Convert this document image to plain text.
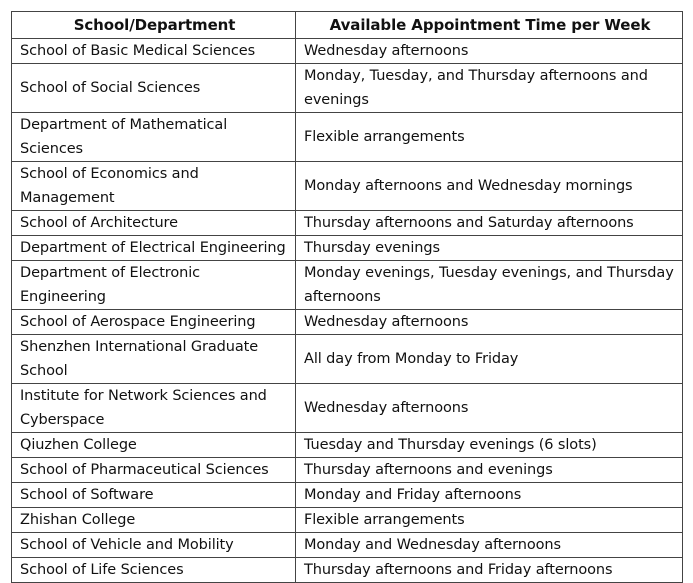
School/Department	Available Appointment Time per Week
School of Basic Medical Sciences	Wednesday afternoons
School of Social Sciences	Monday, Tuesday, and Thursday afternoons and evenings
Department of Mathematical Sciences	Flexible arrangements
School of Economics and Management	Monday afternoons and Wednesday mornings
School of Architecture	Thursday afternoons and Saturday afternoons
Department of Electrical Engineering	Thursday evenings
Department of Electronic Engineering	Monday evenings, Tuesday evenings, and Thursday afternoons
School of Aerospace Engineering	Wednesday afternoons
Shenzhen International Graduate School	All day from Monday to Friday
Institute for Network Sciences and Cyberspace	Wednesday afternoons
Qiuzhen College	Tuesday and Thursday evenings (6 slots)
School of Pharmaceutical Sciences	Thursday afternoons and evenings
School of Software	Monday and Friday afternoons
Zhishan College	Flexible arrangements
School of Vehicle and Mobility	Monday and Wednesday afternoons
School of Life Sciences	Thursday afternoons and Friday afternoons
